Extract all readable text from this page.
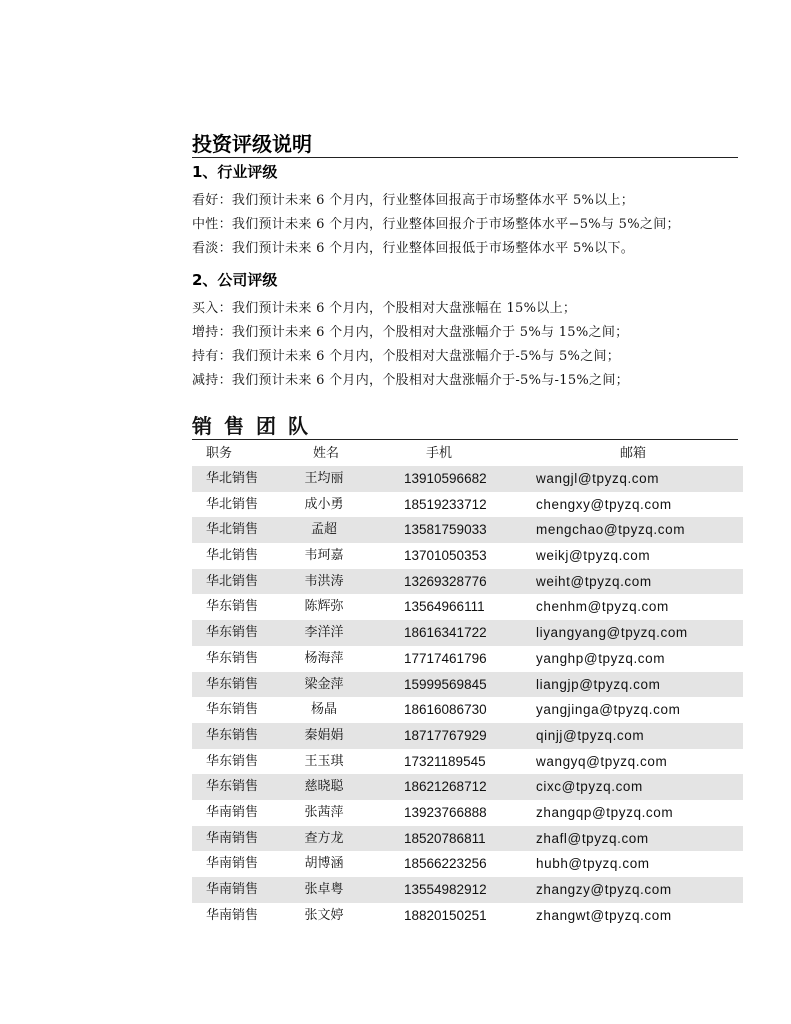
投资评级说明
1、行业评级
看好：我们预计未来 6 个月内，行业整体回报高于市场整体水平 5%以上；
中性：我们预计未来 6 个月内，行业整体回报介于市场整体水平−5%与 5%之间；
看淡：我们预计未来 6 个月内，行业整体回报低于市场整体水平 5%以下。
2、公司评级
买入：我们预计未来 6 个月内，个股相对大盘涨幅在 15%以上；
增持：我们预计未来 6 个月内，个股相对大盘涨幅介于 5%与 15%之间；
持有：我们预计未来 6 个月内，个股相对大盘涨幅介于-5%与 5%之间；
减持：我们预计未来 6 个月内，个股相对大盘涨幅介于-5%与-15%之间；
销售团队
职务	姓名	手机	邮箱
华北销售	王均丽	13910596682	wangjl@tpyzq.com
华北销售	成小勇	18519233712	chengxy@tpyzq.com
华北销售	孟超	13581759033	mengchao@tpyzq.com
华北销售	韦珂嘉	13701050353	weikj@tpyzq.com
华北销售	韦洪涛	13269328776	weiht@tpyzq.com
华东销售	陈辉弥	13564966111	chenhm@tpyzq.com
华东销售	李洋洋	18616341722	liyangyang@tpyzq.com
华东销售	杨海萍	17717461796	yanghp@tpyzq.com
华东销售	梁金萍	15999569845	liangjp@tpyzq.com
华东销售	杨晶	18616086730	yangjinga@tpyzq.com
华东销售	秦娟娟	18717767929	qinjj@tpyzq.com
华东销售	王玉琪	17321189545	wangyq@tpyzq.com
华东销售	慈晓聪	18621268712	cixc@tpyzq.com
华南销售	张茜萍	13923766888	zhangqp@tpyzq.com
华南销售	查方龙	18520786811	zhafl@tpyzq.com
华南销售	胡博涵	18566223256	hubh@tpyzq.com
华南销售	张卓粤	13554982912	zhangzy@tpyzq.com
华南销售	张文婷	18820150251	zhangwt@tpyzq.com
